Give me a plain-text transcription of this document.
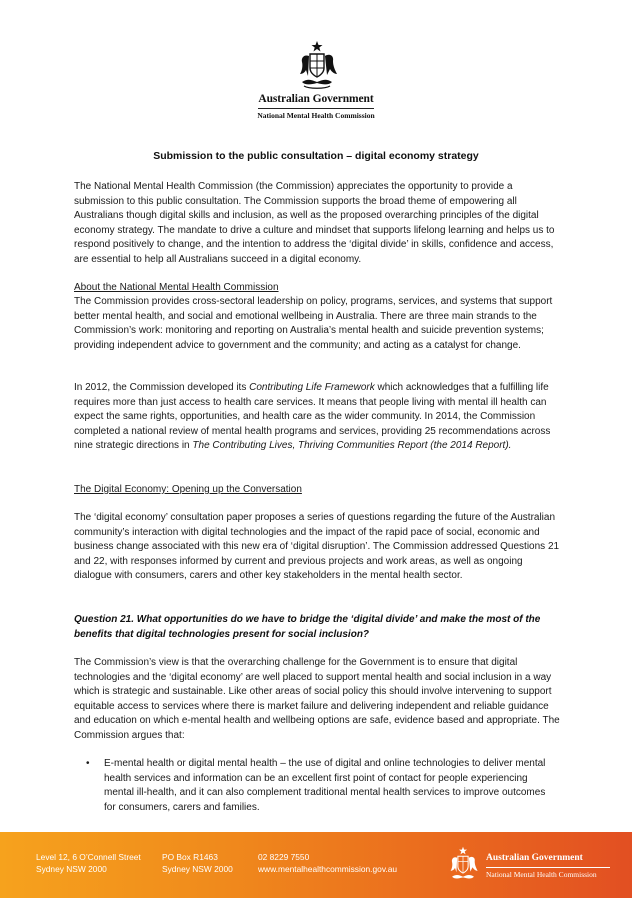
Australian Government
National Mental Health Commission
Submission to the public consultation – digital economy strategy
The National Mental Health Commission (the Commission) appreciates the opportunity to provide a submission to this public consultation. The Commission supports the broad theme of empowering all Australians though digital skills and inclusion, as well as the proposed overarching principles of the digital economy strategy. The mandate to drive a culture and mindset that supports lifelong learning and helps us to respond positively to change, and the intention to address the ‘digital divide’ in skills, confidence and access, are essential to help all Australians succeed in a digital economy.
About the National Mental Health Commission
The Commission provides cross-sectoral leadership on policy, programs, services, and systems that support better mental health, and social and emotional wellbeing in Australia. There are three main strands to the Commission’s work: monitoring and reporting on Australia’s mental health and suicide prevention systems; providing independent advice to government and the community; and acting as a catalyst for change.
In 2012, the Commission developed its Contributing Life Framework which acknowledges that a fulfilling life requires more than just access to health care services. It means that people living with mental ill health can expect the same rights, opportunities, and health care as the wider community. In 2014, the Commission completed a national review of mental health programs and services, providing 25 recommendations across nine strategic directions in The Contributing Lives, Thriving Communities Report (the 2014 Report).
The Digital Economy: Opening up the Conversation
The ‘digital economy’ consultation paper proposes a series of questions regarding the future of the Australian community’s interaction with digital technologies and the impact of the rapid pace of social, economic and business change associated with this new era of ‘digital disruption’. The Commission addressed Questions 21 and 22, with responses informed by current and previous projects and work areas, as well as ongoing dialogue with consumers, carers and other key stakeholders in the mental health sector.
Question 21. What opportunities do we have to bridge the ‘digital divide’ and make the most of the benefits that digital technologies present for social inclusion?
The Commission’s view is that the overarching challenge for the Government is to ensure that digital technologies and the ‘digital economy’ are well placed to support mental health and social inclusion in a way which is strategic and sustainable. Like other areas of social policy this should involve intervening to support equitable access to services where there is market failure and delivering independent and reliable guidance and education on which e-mental health and wellbeing options are safe, evidence based and appropriate. The Commission argues that:
• E-mental health or digital mental health – the use of digital and online technologies to deliver mental health services and information can be an excellent first point of contact for people experiencing mental ill-health, and it can also complement traditional mental health services to improve outcomes for consumers, carers and families.
Level 12, 6 O’Connell Street
Sydney NSW 2000
PO Box R1463
Sydney NSW 2000
02 8229 7550
www.mentalhealthcommission.gov.au
Australian Government
National Mental Health Commission
